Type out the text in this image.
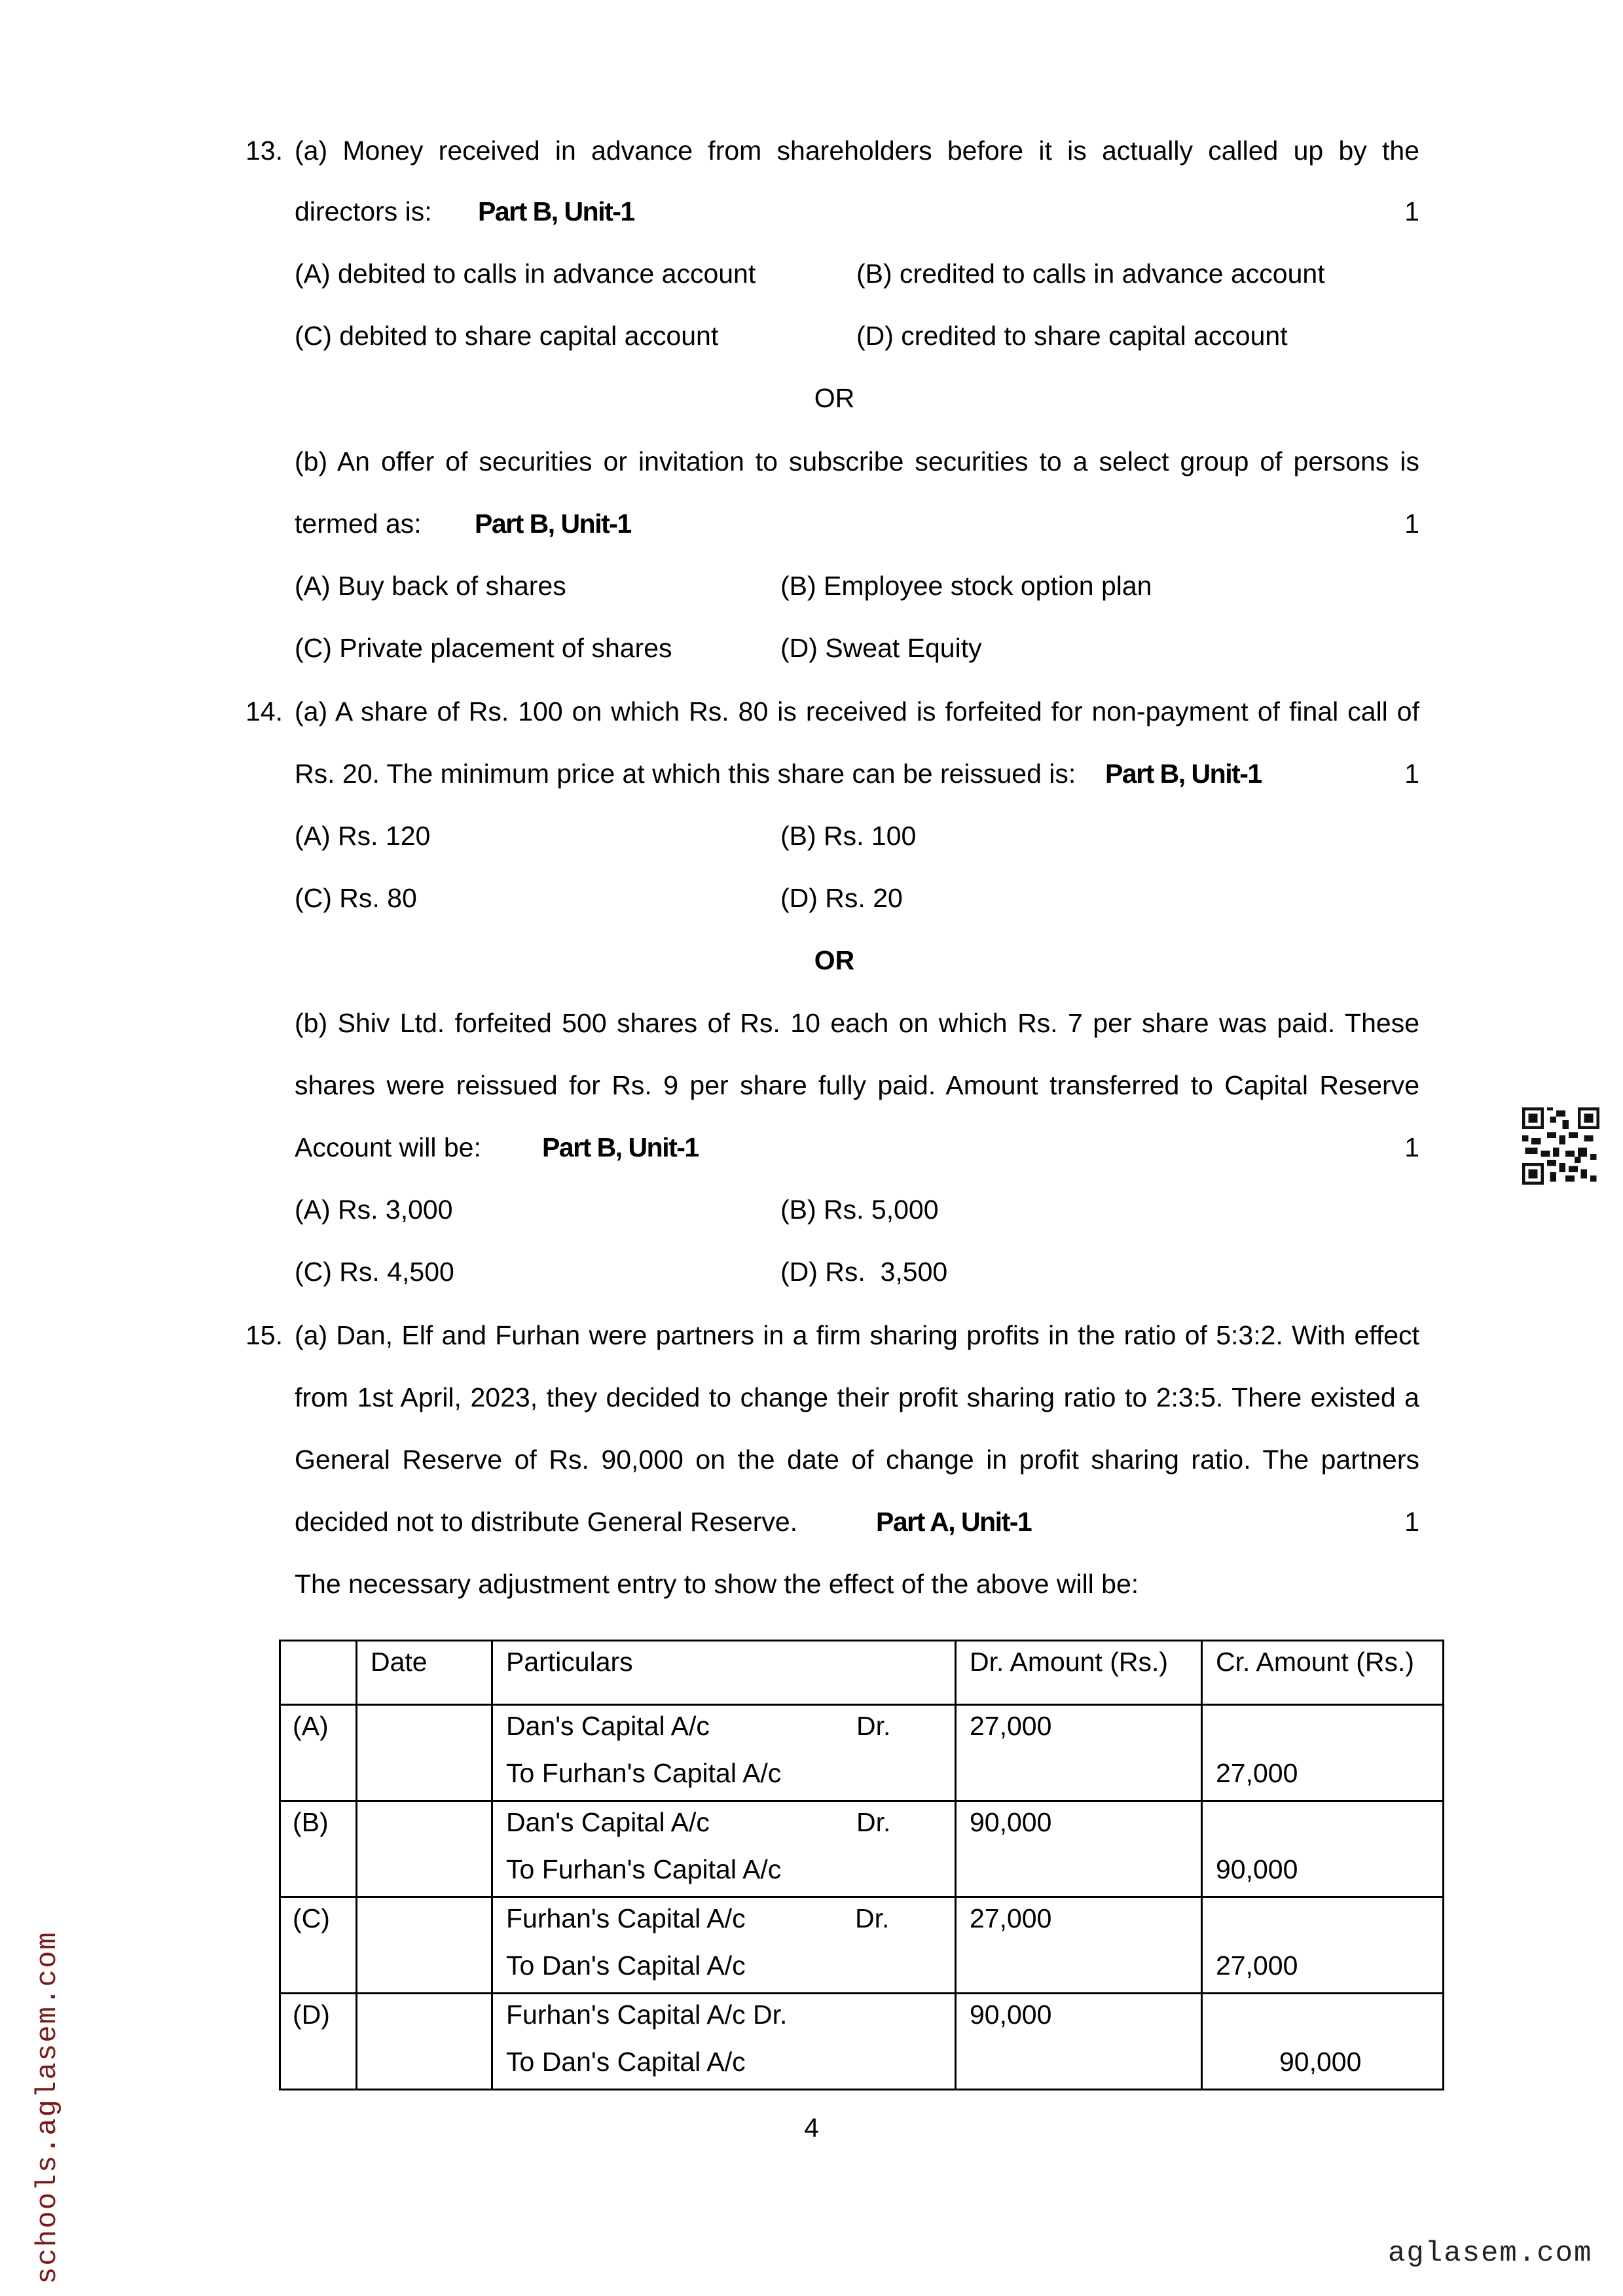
13. (a) Money received in advance from shareholders before it is actually called up by the
directors is: Part B, Unit-1	1
(A) debited to calls in advance account	(B) credited to calls in advance account
(C) debited to share capital account	(D) credited to share capital account
OR
(b) An offer of securities or invitation to subscribe securities to a select group of persons is
termed as: Part B, Unit-1	1
(A) Buy back of shares	(B) Employee stock option plan
(C) Private placement of shares	(D) Sweat Equity
14. (a) A share of Rs. 100 on which Rs. 80 is received is forfeited for non-payment of final call of
Rs. 20. The minimum price at which this share can be reissued is: Part B, Unit-1	1
(A) Rs. 120	(B) Rs. 100
(C) Rs. 80	(D) Rs. 20
OR
(b) Shiv Ltd. forfeited 500 shares of Rs. 10 each on which Rs. 7 per share was paid. These
shares were reissued for Rs. 9 per share fully paid. Amount transferred to Capital Reserve
Account will be: Part B, Unit-1	1
(A) Rs. 3,000	(B) Rs. 5,000
(C) Rs. 4,500	(D) Rs.  3,500
15. (a) Dan, Elf and Furhan were partners in a firm sharing profits in the ratio of 5:3:2. With effect
from 1st April, 2023, they decided to change their profit sharing ratio to 2:3:5. There existed a
General Reserve of Rs. 90,000 on the date of change in profit sharing ratio. The partners
decided not to distribute General Reserve.	Part A, Unit-1	1
The necessary adjustment entry to show the effect of the above will be:
	Date	Particulars	Dr. Amount (Rs.)	Cr. Amount (Rs.)
(A)		Dan's Capital A/c Dr.
To Furhan's Capital A/c	27,000	27,000

(B)		Dan's Capital A/c Dr.
To Furhan's Capital A/c	90,000	90,000

(C)		Furhan's Capital A/c Dr.
To Dan's Capital A/c	27,000	27,000

(D)		Furhan's Capital A/c Dr.
To Dan's Capital A/c	90,000	90,000
4
schools.aglasem.com	aglasem.com
